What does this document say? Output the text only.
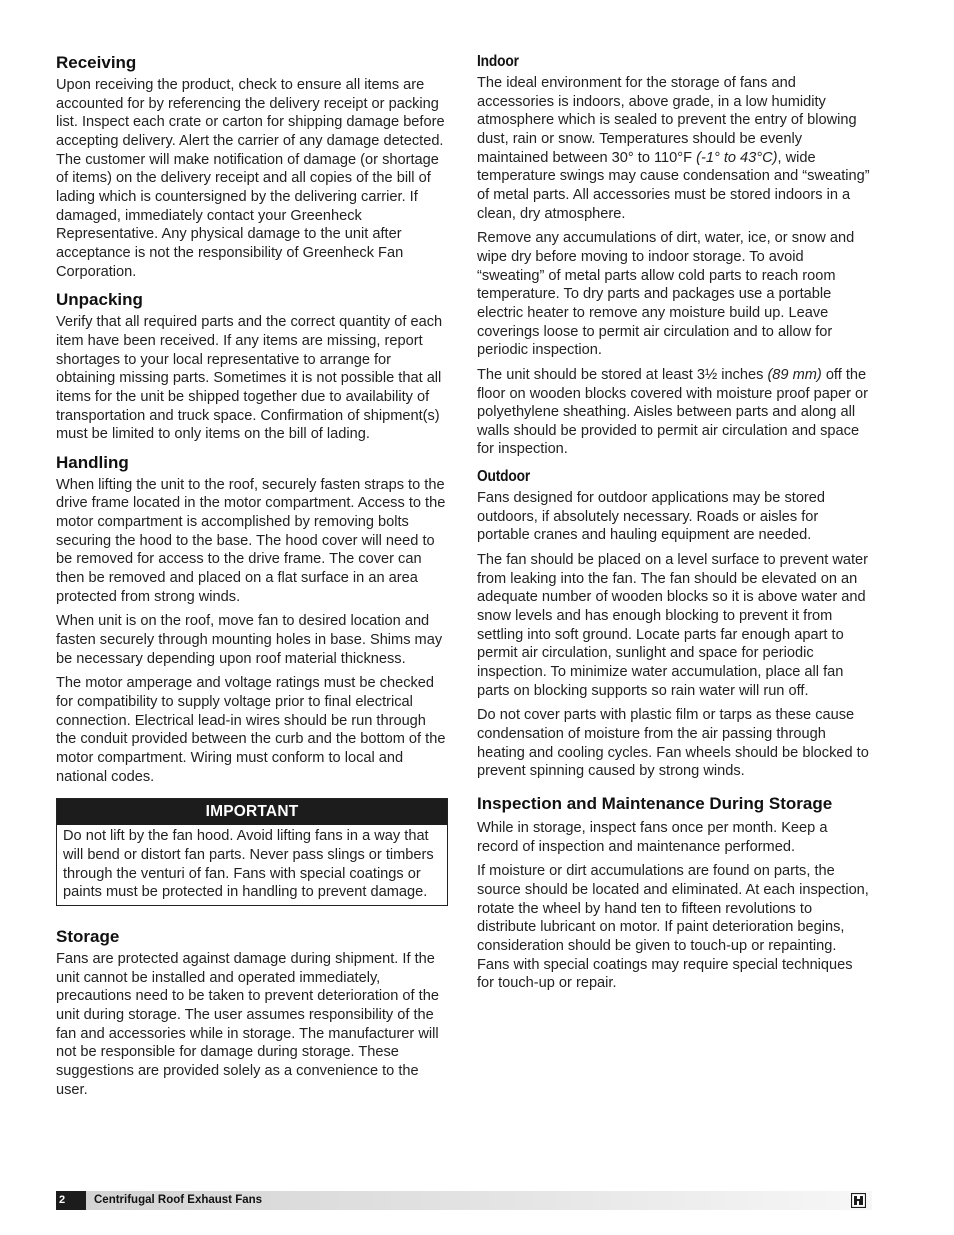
Receiving

Upon receiving the product, check to ensure all items are accounted for by referencing the delivery receipt or packing list. Inspect each crate or carton for shipping damage before accepting delivery. Alert the carrier of any damage detected. The customer will make notification of damage (or shortage of items) on the delivery receipt and all copies of the bill of lading which is countersigned by the delivering carrier. If damaged, immediately contact your Greenheck Representative. Any physical damage to the unit after acceptance is not the responsibility of Greenheck Fan Corporation.

Unpacking

Verify that all required parts and the correct quantity of each item have been received. If any items are missing, report shortages to your local representative to arrange for obtaining missing parts. Sometimes it is not possible that all items for the unit be shipped together due to availability of transportation and truck space. Confirmation of shipment(s) must be limited to only items on the bill of lading.

Handling

When lifting the unit to the roof, securely fasten straps to the drive frame located in the motor compartment. Access to the motor compartment is accomplished by removing bolts securing the hood to the base. The hood cover will need to be removed for access to the drive frame. The cover can then be removed and placed on a flat surface in an area protected from strong winds.

When unit is on the roof, move fan to desired location and fasten securely through mounting holes in base. Shims may be necessary depending upon roof material thickness.

The motor amperage and voltage ratings must be checked for compatibility to supply voltage prior to final electrical connection. Electrical lead-in wires should be run through the conduit provided between the curb and the bottom of the motor compartment. Wiring must conform to local and national codes.

IMPORTANT

Do not lift by the fan hood. Avoid lifting fans in a way that will bend or distort fan parts. Never pass slings or timbers through the venturi of fan. Fans with special coatings or paints must be protected in handling to prevent damage.

Storage

Fans are protected against damage during shipment. If the unit cannot be installed and operated immediately, precautions need to be taken to prevent deterioration of the unit during storage. The user assumes responsibility of the fan and accessories while in storage. The manufacturer will not be responsible for damage during storage. These suggestions are provided solely as a convenience to the user.

Indoor

The ideal environment for the storage of fans and accessories is indoors, above grade, in a low humidity atmosphere which is sealed to prevent the entry of blowing dust, rain or snow. Temperatures should be evenly maintained between 30° to 110°F (-1° to 43°C), wide temperature swings may cause condensation and “sweating” of metal parts. All accessories must be stored indoors in a clean, dry atmosphere.

Remove any accumulations of dirt, water, ice, or snow and wipe dry before moving to indoor storage. To avoid “sweating” of metal parts allow cold parts to reach room temperature. To dry parts and packages use a portable electric heater to remove any moisture build up. Leave coverings loose to permit air circulation and to allow for periodic inspection.

The unit should be stored at least 3½ inches (89 mm) off the floor on wooden blocks covered with moisture proof paper or polyethylene sheathing. Aisles between parts and along all walls should be provided to permit air circulation and space for inspection.

Outdoor

Fans designed for outdoor applications may be stored outdoors, if absolutely necessary. Roads or aisles for portable cranes and hauling equipment are needed.

The fan should be placed on a level surface to prevent water from leaking into the fan. The fan should be elevated on an adequate number of wooden blocks so it is above water and snow levels and has enough blocking to prevent it from settling into soft ground. Locate parts far enough apart to permit air circulation, sunlight and space for periodic inspection. To minimize water accumulation, place all fan parts on blocking supports so rain water will run off.

Do not cover parts with plastic film or tarps as these cause condensation of moisture from the air passing through heating and cooling cycles. Fan wheels should be blocked to prevent spinning caused by strong winds.

Inspection and Maintenance During Storage

While in storage, inspect fans once per month. Keep a record of inspection and maintenance performed.

If moisture or dirt accumulations are found on parts, the source should be located and eliminated. At each inspection, rotate the wheel by hand ten to fifteen revolutions to distribute lubricant on motor. If paint deterioration begins, consideration should be given to touch-up or repainting. Fans with special coatings may require special techniques for touch-up or repair.

2	Centrifugal Roof Exhaust Fans
